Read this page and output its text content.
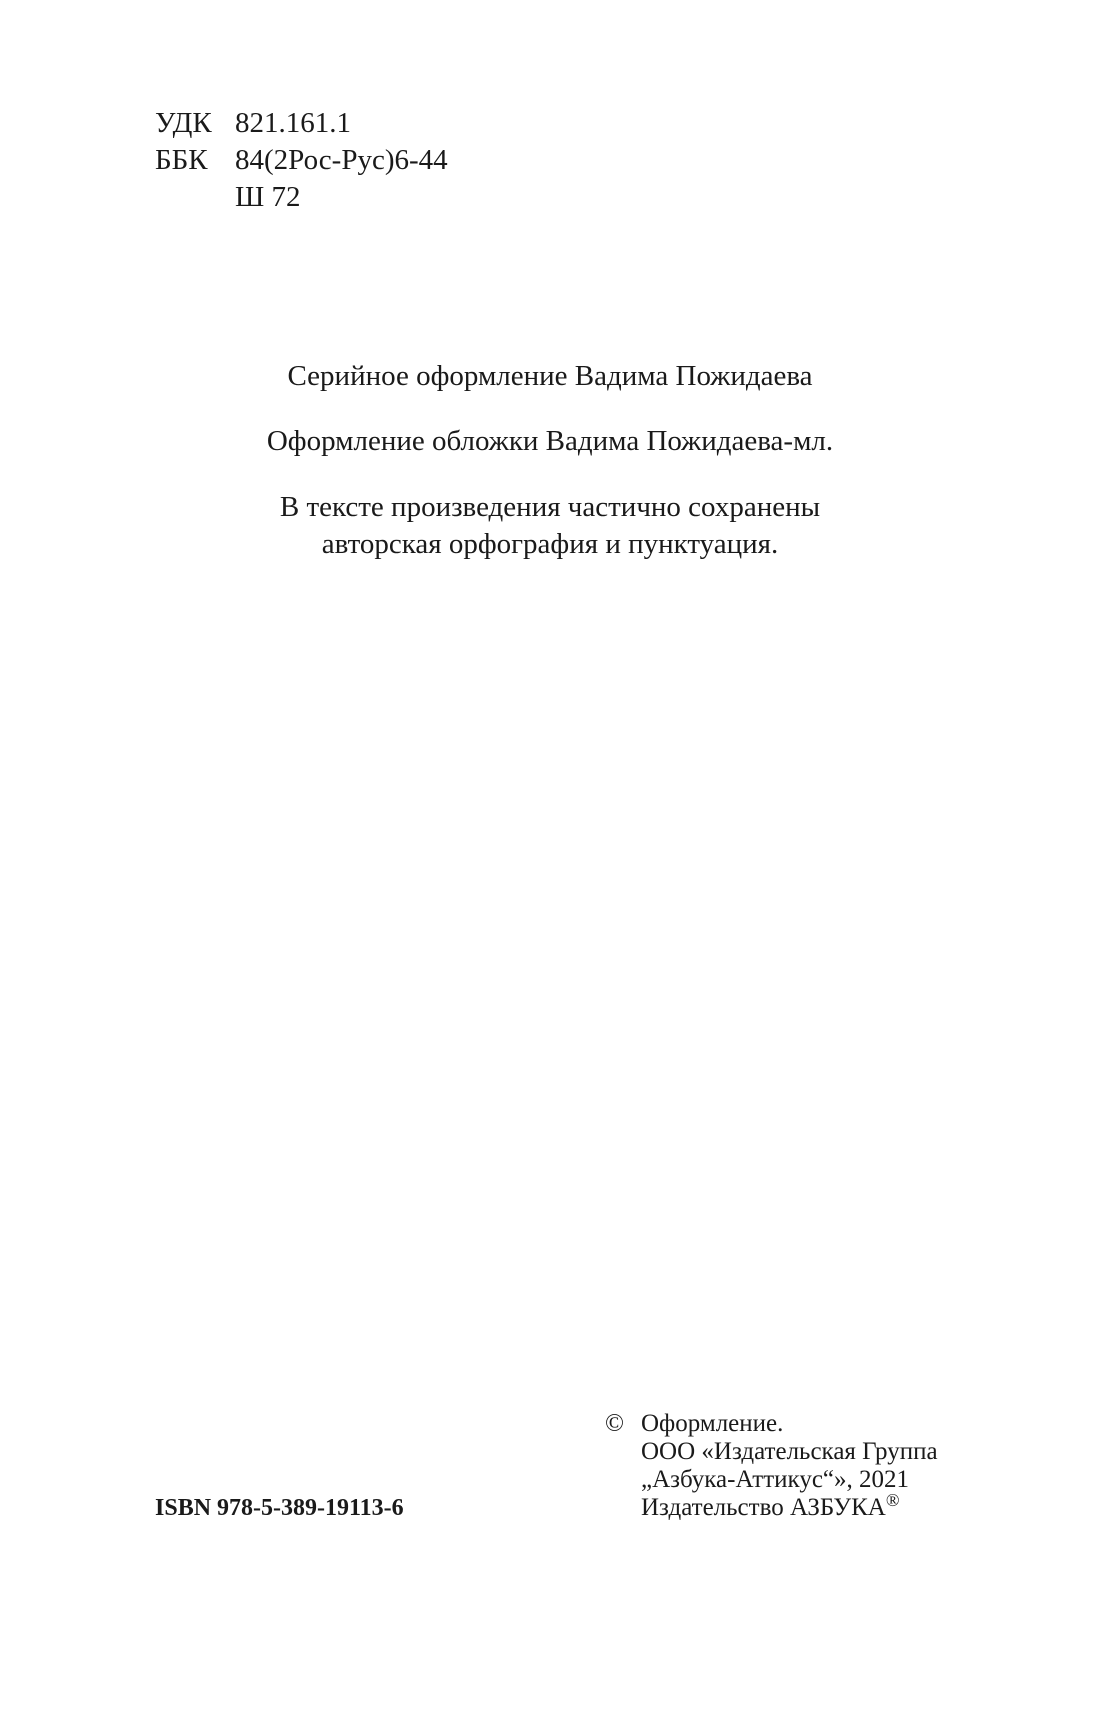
УДК 821.161.1
ББК 84(2Рос-Рус)6-44
Ш 72
Серийное оформление Вадима Пожидаева
Оформление обложки Вадима Пожидаева-мл.
В тексте произведения частично сохранены
авторская орфография и пунктуация.
ISBN 978-5-389-19113-6
© Оформление.
ООО «Издательская Группа
„Азбука-Аттикус“», 2021
Издательство АЗБУКА®
